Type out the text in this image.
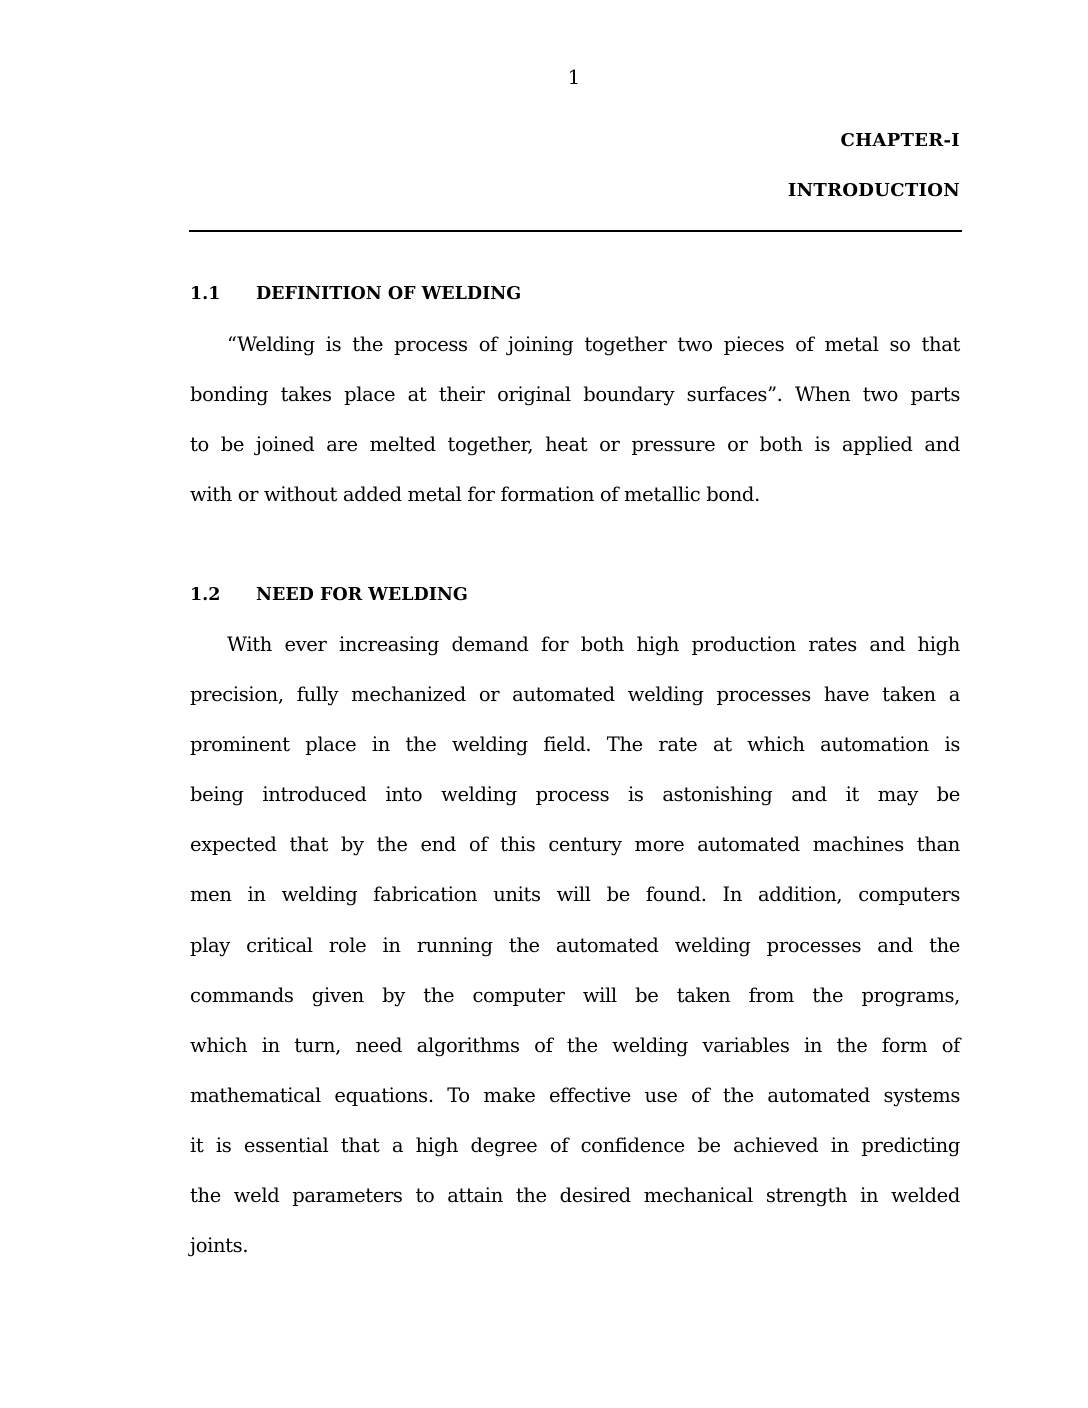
1
CHAPTER-I
INTRODUCTION
1.1 DEFINITION OF WELDING
“Welding is the process of joining together two pieces of metal so that
bonding takes place at their original boundary surfaces”. When two parts
to be joined are melted together, heat or pressure or both is applied and
with or without added metal for formation of metallic bond.
1.2 NEED FOR WELDING
With ever increasing demand for both high production rates and high
precision, fully mechanized or automated welding processes have taken a
prominent place in the welding field. The rate at which automation is
being introduced into welding process is astonishing and it may be
expected that by the end of this century more automated machines than
men in welding fabrication units will be found. In addition, computers
play critical role in running the automated welding processes and the
commands given by the computer will be taken from the programs,
which in turn, need algorithms of the welding variables in the form of
mathematical equations. To make effective use of the automated systems
it is essential that a high degree of confidence be achieved in predicting
the weld parameters to attain the desired mechanical strength in welded
joints.
